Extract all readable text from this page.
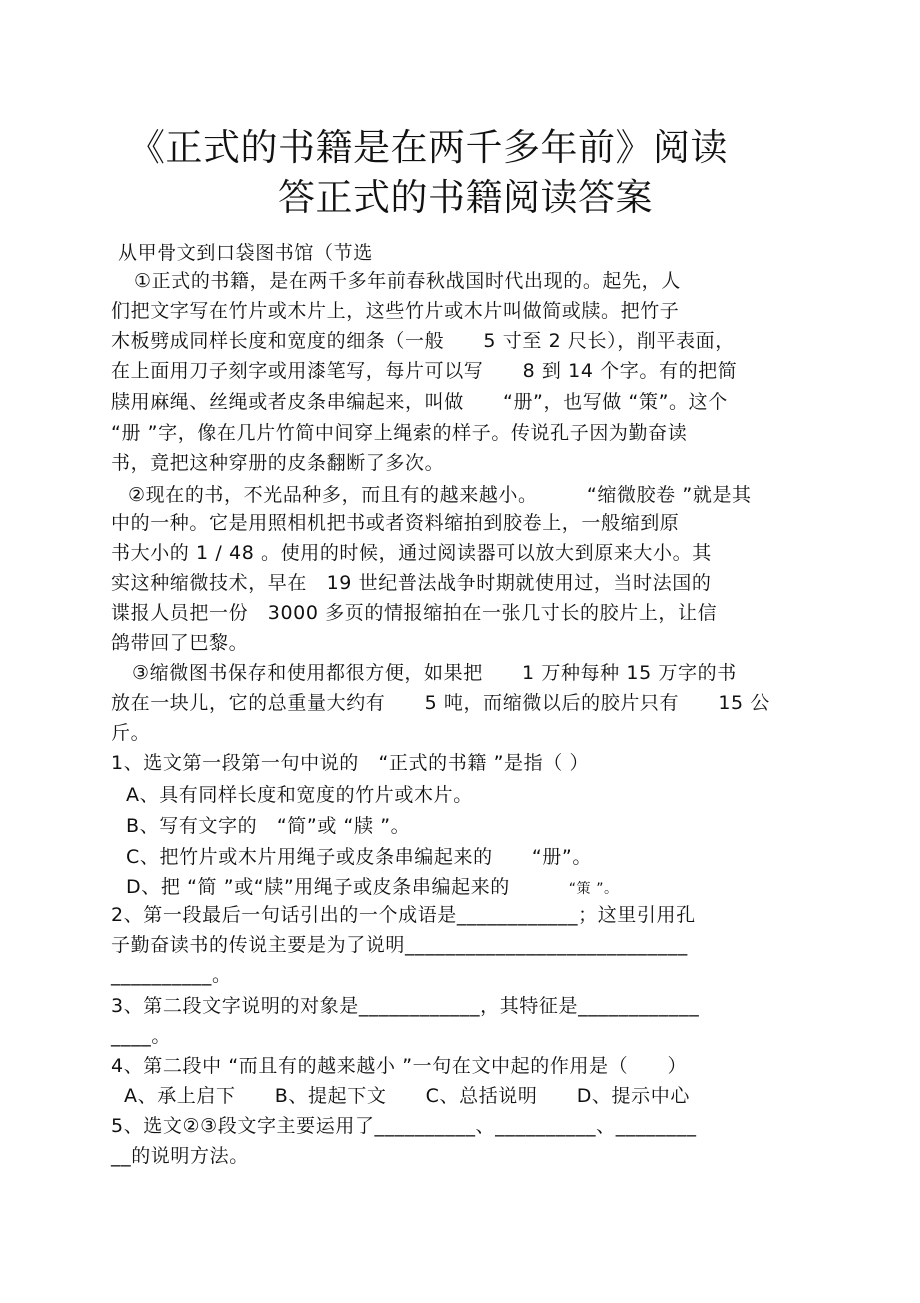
《正式的书籍是在两千多年前》阅读
答正式的书籍阅读答案
从甲骨文到口袋图书馆（节选
①正式的书籍，是在两千多年前春秋战国时代出现的。起先，人
们把文字写在竹片或木片上，这些竹片或木片叫做简或牍。把竹子
木板劈成同样长度和宽度的细条（一般　　5 寸至 2 尺长），削平表面，
在上面用刀子刻字或用漆笔写，每片可以写　　8 到 14 个字。有的把简
牍用麻绳、丝绳或者皮条串编起来，叫做　　“册”，也写做 “策”。这个
“册 ”字，像在几片竹简中间穿上绳索的样子。传说孔子因为勤奋读
书，竟把这种穿册的皮条翻断了多次。
②现在的书，不光品种多，而且有的越来越小。　　　“缩微胶卷 ”就是其
中的一种。它是用照相机把书或者资料缩拍到胶卷上，一般缩到原
书大小的 1 / 48 。使用的时候，通过阅读器可以放大到原来大小。其
实这种缩微技术，早在　19 世纪普法战争时期就使用过，当时法国的
谍报人员把一份　3000 多页的情报缩拍在一张几寸长的胶片上，让信
鸽带回了巴黎。
③缩微图书保存和使用都很方便，如果把　　1 万种每种 15 万字的书
放在一块儿，它的总重量大约有　　5 吨，而缩微以后的胶片只有　　15 公
斤。
1、选文第一段第一句中说的　“正式的书籍 ”是指（ ）
A、具有同样长度和宽度的竹片或木片。
B、写有文字的　“简”或 “牍 ”。
C、把竹片或木片用绳子或皮条串编起来的　　“册”。
D、把 “简 ”或“牍”用绳子或皮条串编起来的　　　“策 ”。
2、第一段最后一句话引出的一个成语是____________；这里引用孔
子勤奋读书的传说主要是为了说明____________________________
__________。
3、第二段文字说明的对象是____________，其特征是____________
____。
4、第二段中 “而且有的越来越小 ”一句在文中起的作用是（　　）
A、承上启下　　B、提起下文　　C、总括说明　　D、提示中心
5、选文②③段文字主要运用了__________、__________、________
__的说明方法。
